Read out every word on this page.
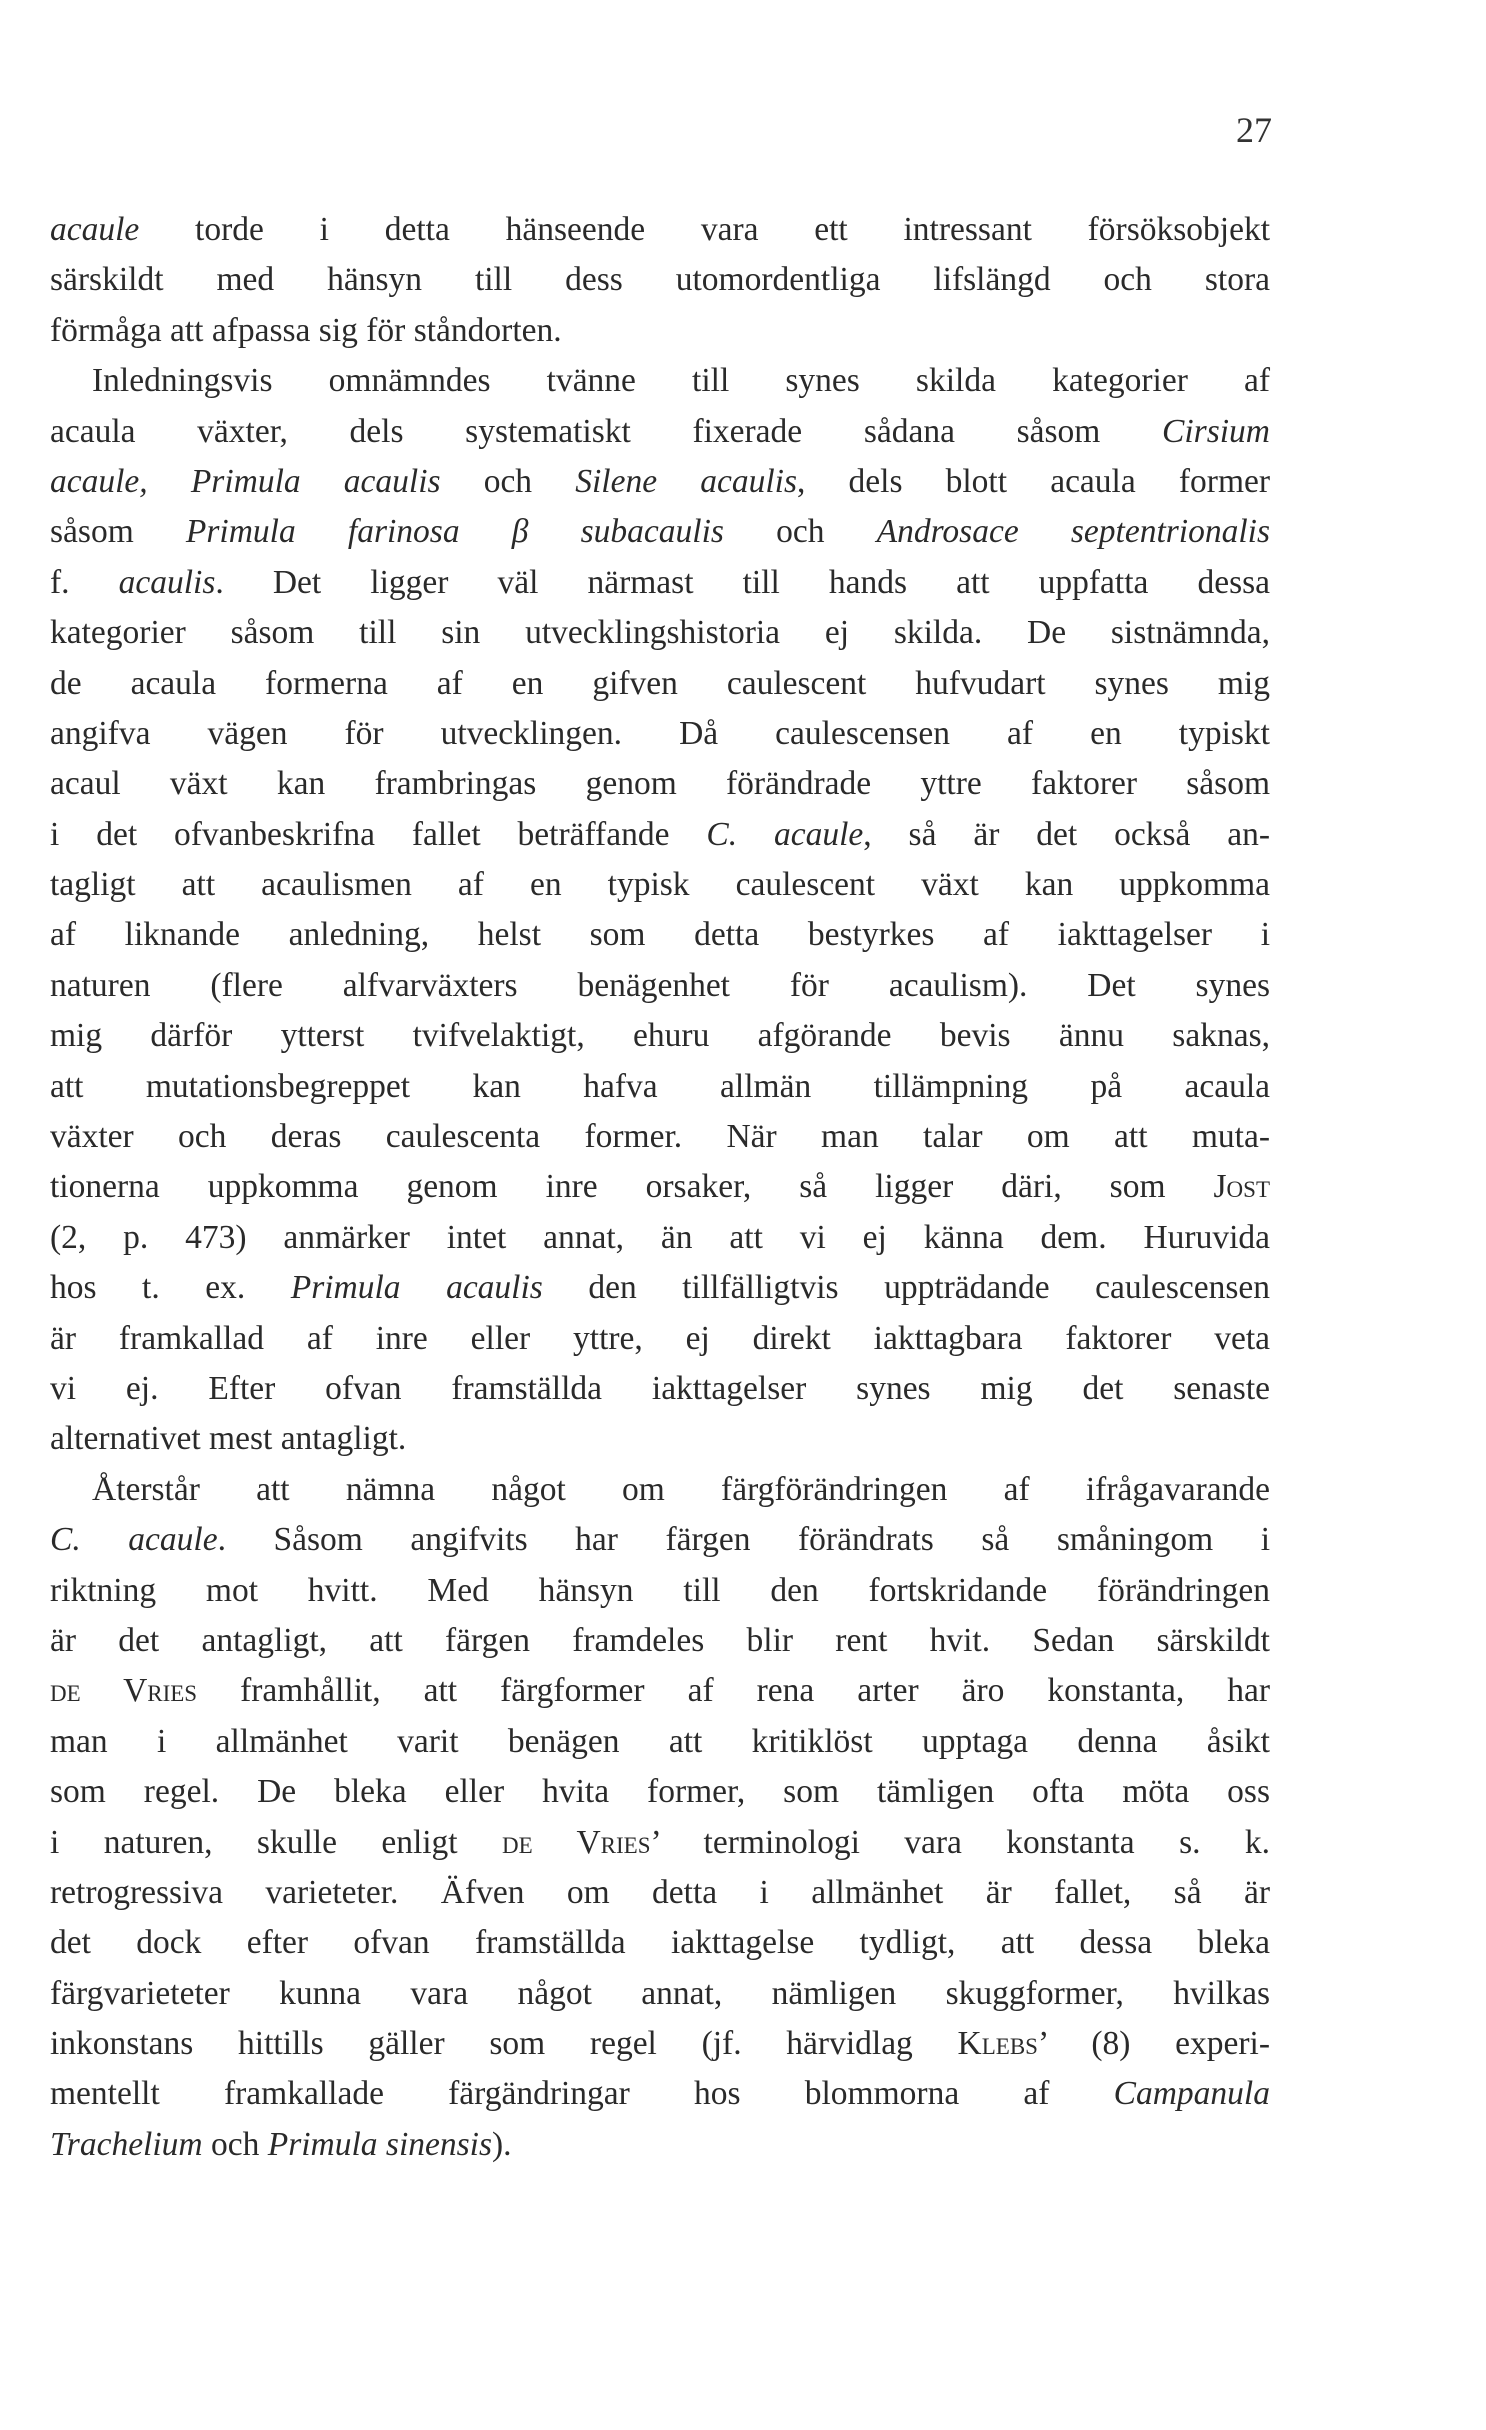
27
acaule torde i detta hänseende vara ett intressant försöksobjekt
särskildt med hänsyn till dess utomordentliga lifslängd och stora
förmåga att afpassa sig för ståndorten.
Inledningsvis omnämndes tvänne till synes skilda kategorier af
acaula växter, dels systematiskt fixerade sådana såsom Cirsium
acaule, Primula acaulis och Silene acaulis, dels blott acaula former
såsom Primula farinosa β subacaulis och Androsace septentrionalis
f. acaulis. Det ligger väl närmast till hands att uppfatta dessa
kategorier såsom till sin utvecklingshistoria ej skilda. De sistnämnda,
de acaula formerna af en gifven caulescent hufvudart synes mig
angifva vägen för utvecklingen. Då caulescensen af en typiskt
acaul växt kan frambringas genom förändrade yttre faktorer såsom
i det ofvanbeskrifna fallet beträffande C. acaule, så är det också an-
tagligt att acaulismen af en typisk caulescent växt kan uppkomma
af liknande anledning, helst som detta bestyrkes af iakttagelser i
naturen (flere alfvarväxters benägenhet för acaulism). Det synes
mig därför ytterst tvifvelaktigt, ehuru afgörande bevis ännu saknas,
att mutationsbegreppet kan hafva allmän tillämpning på acaula
växter och deras caulescenta former. När man talar om att muta-
tionerna uppkomma genom inre orsaker, så ligger däri, som Jost
(2, p. 473) anmärker intet annat, än att vi ej känna dem. Huruvida
hos t. ex. Primula acaulis den tillfälligtvis uppträdande caulescensen
är framkallad af inre eller yttre, ej direkt iakttagbara faktorer veta
vi ej. Efter ofvan framställda iakttagelser synes mig det senaste
alternativet mest antagligt.
Återstår att nämna något om färgförändringen af ifrågavarande
C. acaule. Såsom angifvits har färgen förändrats så småningom i
riktning mot hvitt. Med hänsyn till den fortskridande förändringen
är det antagligt, att färgen framdeles blir rent hvit. Sedan särskildt
de Vries framhållit, att färgformer af rena arter äro konstanta, har
man i allmänhet varit benägen att kritiklöst upptaga denna åsikt
som regel. De bleka eller hvita former, som tämligen ofta möta oss
i naturen, skulle enligt de Vries’ terminologi vara konstanta s. k.
retrogressiva varieteter. Äfven om detta i allmänhet är fallet, så är
det dock efter ofvan framställda iakttagelse tydligt, att dessa bleka
färgvarieteter kunna vara något annat, nämligen skuggformer, hvilkas
inkonstans hittills gäller som regel (jf. härvidlag Klebs’ (8) experi-
mentellt framkallade färgändringar hos blommorna af Campanula
Trachelium och Primula sinensis).
